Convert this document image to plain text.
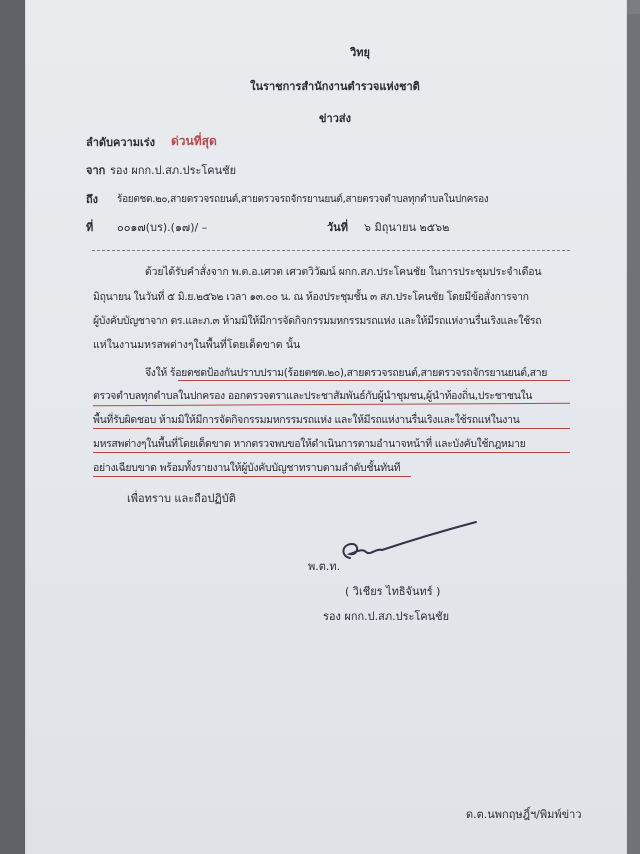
วิทยุ
ในราชการสำนักงานตำรวจแห่งชาติ
ข่าวส่ง
ลำดับความเร่ง ด่วนที่สุด
จาก รอง ผกก.ป.สภ.ประโคนชัย
ถึง ร้อยตชด.๒๐,สายตรวจรถยนต์,สายตรวจรถจักรยานยนต์,สายตรวจตำบลทุกตำบลในปกครอง
ที่ ๐๐๑๗(บร).(๑๗)/ –	วันที่ ๖ มิถุนายน ๒๕๖๒
ด้วยได้รับคำสั่งจาก พ.ต.อ.เศวต เศวตวิวัฒน์ ผกก.สภ.ประโคนชัย ในการประชุมประจำเดือน
มิถุนายน ในวันที่ ๕ มิ.ย.๒๕๖๒ เวลา ๑๓.๐๐ น. ณ ห้องประชุมชั้น ๓ สภ.ประโคนชัย โดยมีข้อสั่งการจาก
ผู้บังคับบัญชาจาก ตร.และภ.๓ ห้ามมิให้มีการจัดกิจกรรมมหกรรมรถแห่ง และให้มีรถแห่งานรื่นเริงและใช้รถ
แห่ในงานมหรสพต่างๆในพื้นที่โดยเด็ดขาด นั้น
จึงให้ ร้อยตชดป้องกันปราบปราม(ร้อยตชด.๒๐),สายตรวจรถยนต์,สายตรวจรถจักรยานยนต์,สาย
ตรวจตำบลทุกตำบลในปกครอง ออกตรวจตราและประชาสัมพันธ์กับผู้นำชุมชน,ผู้นำท้องถิ่น,ประชาชนใน
พื้นที่รับผิดชอบ ห้ามมิให้มีการจัดกิจกรรมมหกรรมรถแห่ง และให้มีรถแห่งานรื่นเริงและใช้รถแห่ในงาน
มหรสพต่างๆในพื้นที่โดยเด็ดขาด หากตรวจพบขอให้ดำเนินการตามอำนาจหน้าที่ และบังคับใช้กฎหมาย
อย่างเฉียบขาด พร้อมทั้งรายงานให้ผู้บังคับบัญชาทราบตามลำดับชั้นทันที
เพื่อทราบ และถือปฏิบัติ
พ.ต.ท.
( วิเชียร ไทธิจันทร์ )
รอง ผกก.ป.สภ.ประโคนชัย
ด.ต.นพกฤษฎิ์ฯ/พิมพ์ข่าว
